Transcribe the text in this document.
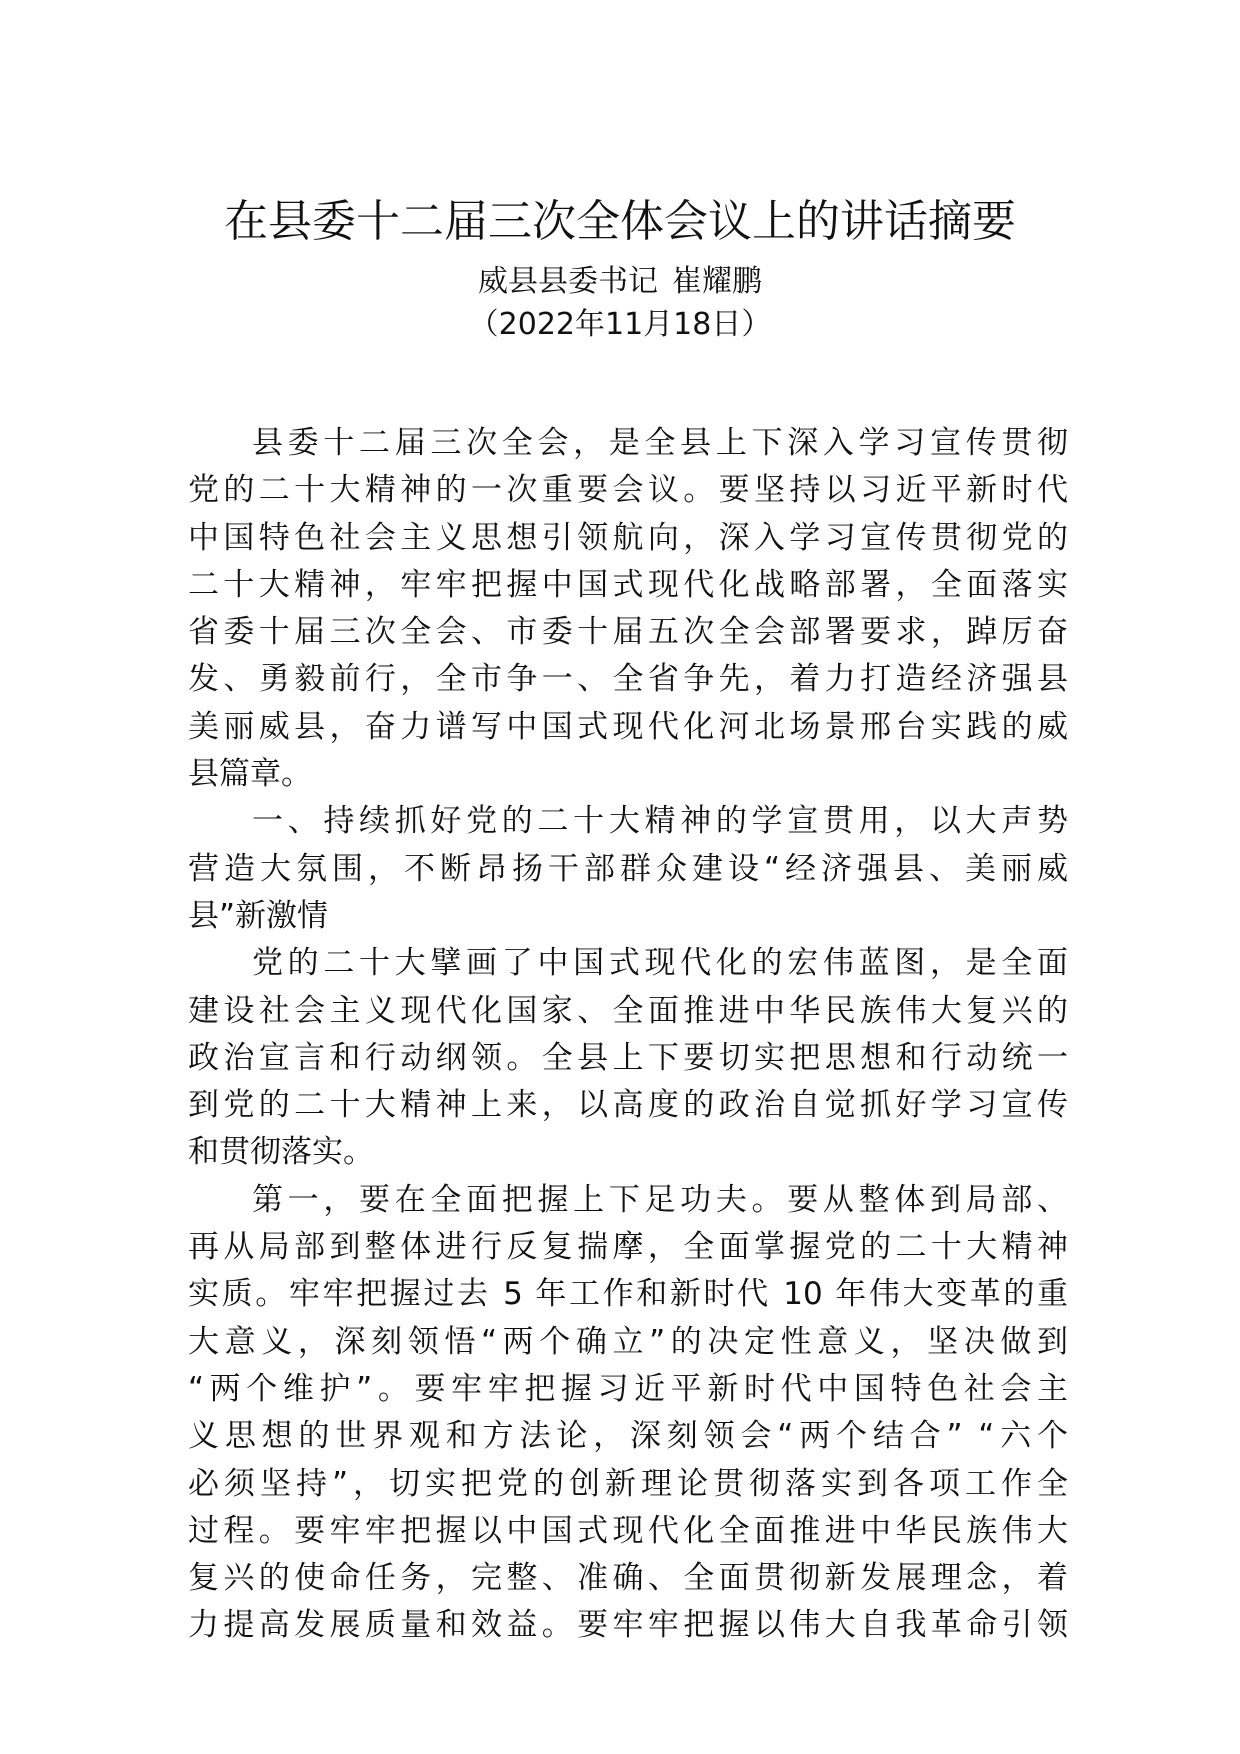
在县委十二届三次全体会议上的讲话摘要
威县县委书记 崔耀鹏
（2022年11月18日）
县委十二届三次全会，是全县上下深入学习宣传贯彻
党的二十大精神的一次重要会议。要坚持以习近平新时代
中国特色社会主义思想引领航向，深入学习宣传贯彻党的
二十大精神，牢牢把握中国式现代化战略部署，全面落实
省委十届三次全会、市委十届五次全会部署要求，踔厉奋
发、勇毅前行，全市争一、全省争先，着力打造经济强县
美丽威县，奋力谱写中国式现代化河北场景邢台实践的威
县篇章。
一、持续抓好党的二十大精神的学宣贯用，以大声势
营造大氛围，不断昂扬干部群众建设“经济强县、美丽威
县”新激情
党的二十大擘画了中国式现代化的宏伟蓝图，是全面
建设社会主义现代化国家、全面推进中华民族伟大复兴的
政治宣言和行动纲领。全县上下要切实把思想和行动统一
到党的二十大精神上来，以高度的政治自觉抓好学习宣传
和贯彻落实。
第一，要在全面把握上下足功夫。要从整体到局部、
再从局部到整体进行反复揣摩，全面掌握党的二十大精神
实质。牢牢把握过去 5 年工作和新时代 10 年伟大变革的重
大意义，深刻领悟“两个确立”的决定性意义，坚决做到
“两个维护”。要牢牢把握习近平新时代中国特色社会主
义思想的世界观和方法论，深刻领会“两个结合” “六个
必须坚持”，切实把党的创新理论贯彻落实到各项工作全
过程。要牢牢把握以中国式现代化全面推进中华民族伟大
复兴的使命任务，完整、准确、全面贯彻新发展理念，着
力提高发展质量和效益。要牢牢把握以伟大自我革命引领
